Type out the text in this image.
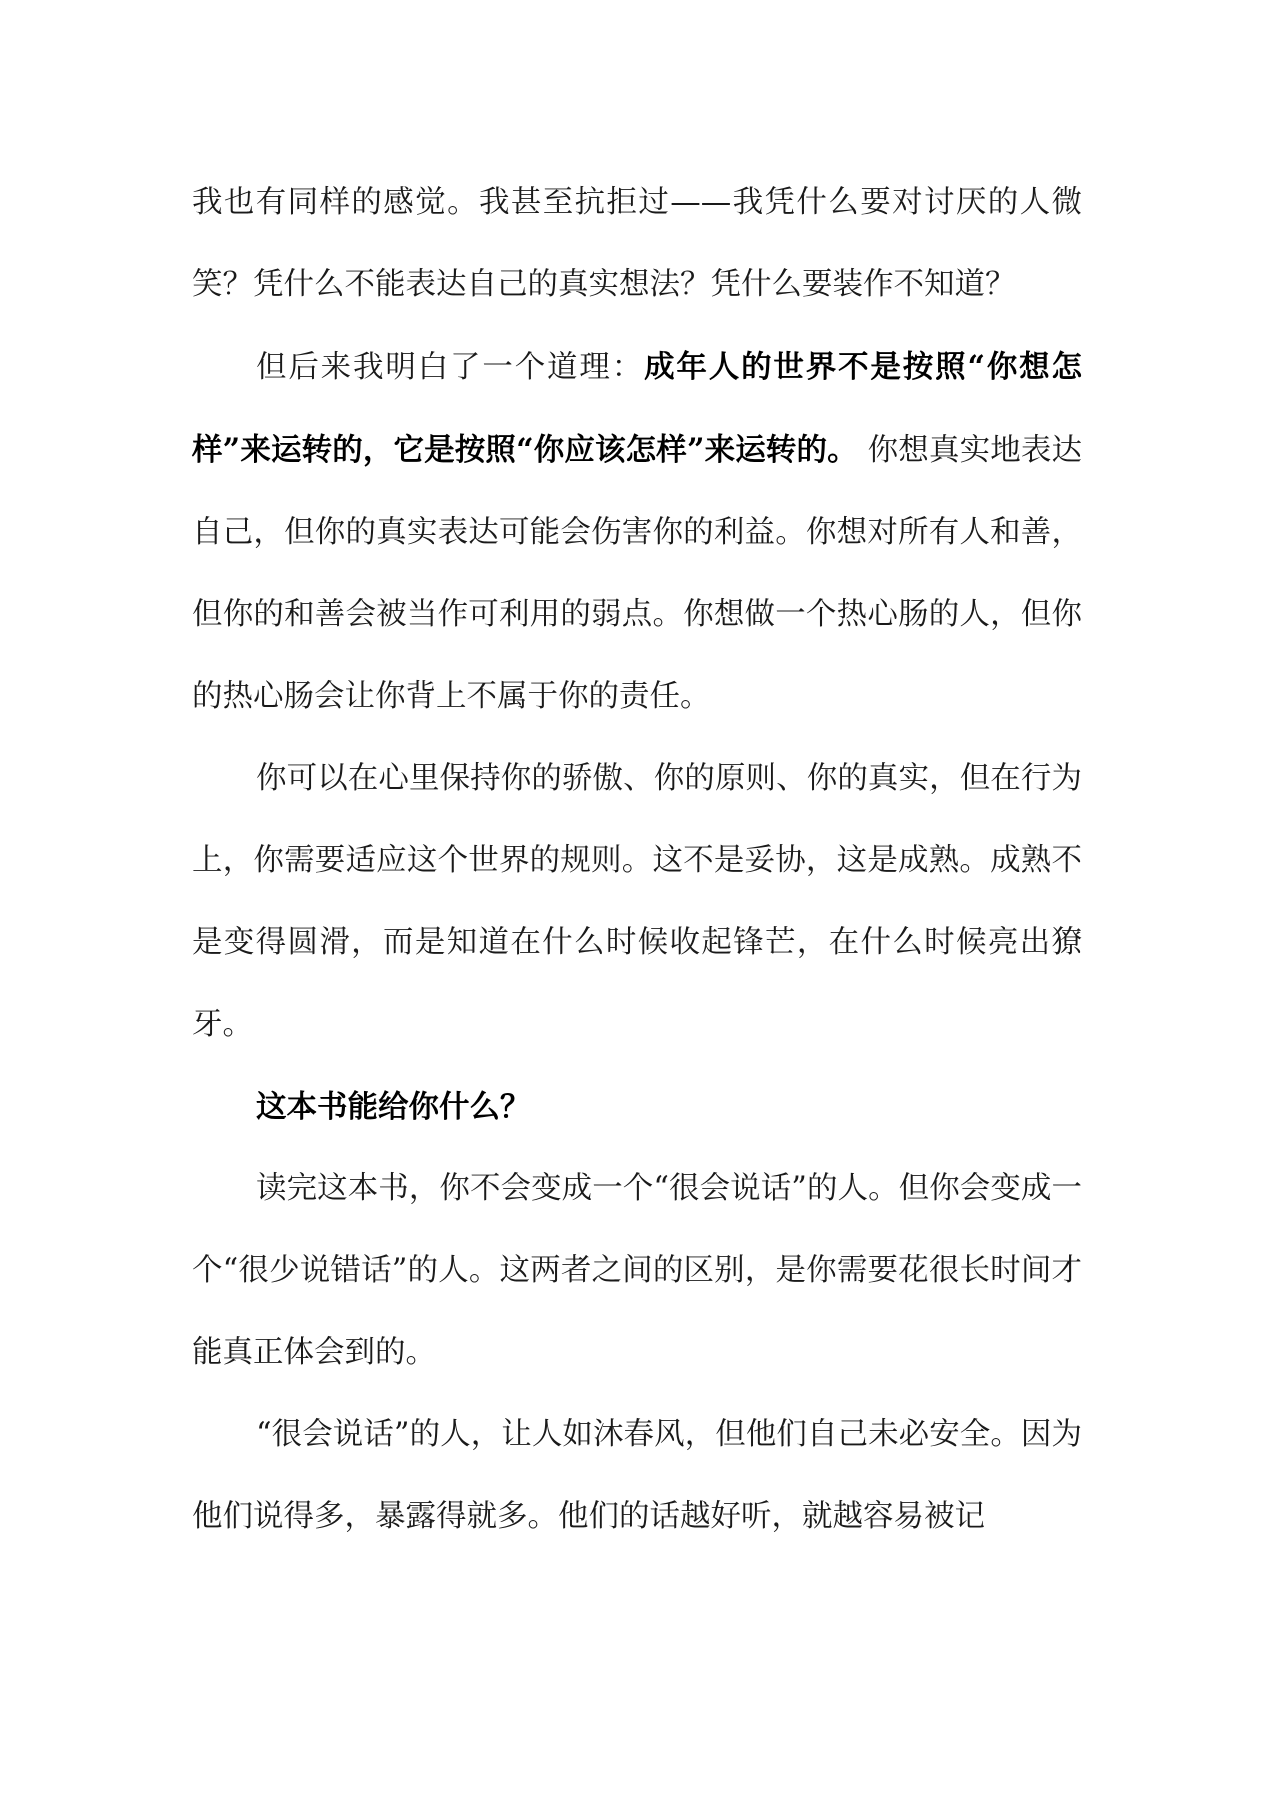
我也有同样的感觉。我甚至抗拒过——我凭什么要对讨厌的人微笑？凭什么不能表达自己的真实想法？凭什么要装作不知道？

但后来我明白了一个道理：成年人的世界不是按照“你想怎样”来运转的，它是按照“你应该怎样”来运转的。 你想真实地表达自己，但你的真实表达可能会伤害你的利益。你想对所有人和善，但你的和善会被当作可利用的弱点。你想做一个热心肠的人，但你的热心肠会让你背上不属于你的责任。

你可以在心里保持你的骄傲、你的原则、你的真实，但在行为上，你需要适应这个世界的规则。这不是妥协，这是成熟。成熟不是变得圆滑，而是知道在什么时候收起锋芒，在什么时候亮出獠牙。

这本书能给你什么？

读完这本书，你不会变成一个“很会说话”的人。但你会变成一个“很少说错话”的人。这两者之间的区别，是你需要花很长时间才能真正体会到的。

“很会说话”的人，让人如沐春风，但他们自己未必安全。因为他们说得多，暴露得就多。他们的话越好听，就越容易被记
